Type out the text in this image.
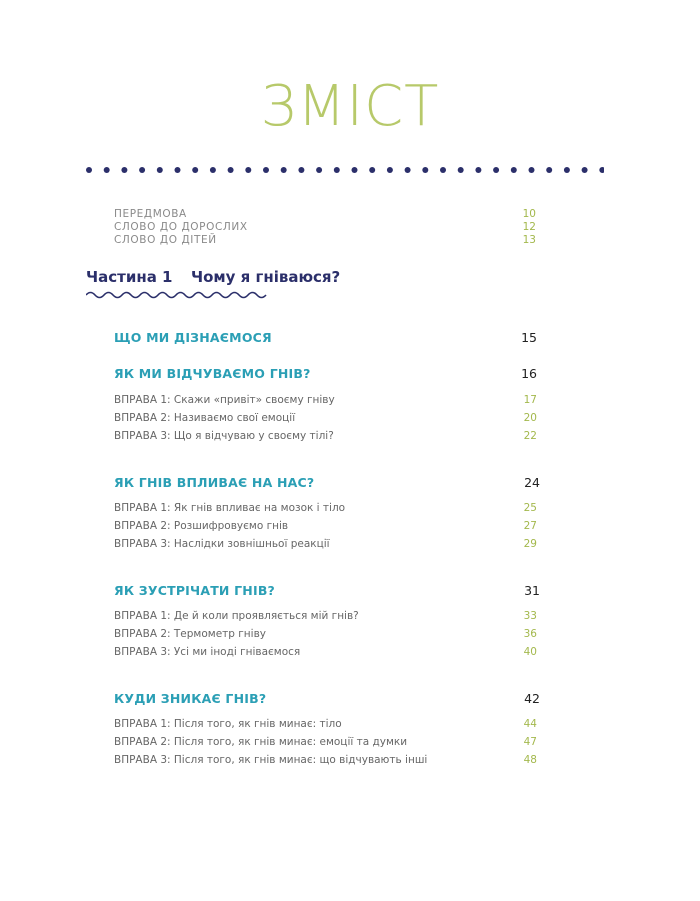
ЗМІСТ
ПЕРЕДМОВА	10
СЛОВО ДО ДОРОСЛИХ	12
СЛОВО ДО ДІТЕЙ	13
Частина 1 Чому я гніваюся?
ЩО МИ ДІЗНАЄМОСЯ	15
ЯК МИ ВІДЧУВАЄМО ГНІВ?	16
ВПРАВА 1: Скажи «привіт» своєму гніву	17
ВПРАВА 2: Називаємо свої емоції	20
ВПРАВА 3: Що я відчуваю у своєму тілі?	22
ЯК ГНІВ ВПЛИВАЄ НА НАС?	24
ВПРАВА 1: Як гнів впливає на мозок і тіло	25
ВПРАВА 2: Розшифровуємо гнів	27
ВПРАВА 3: Наслідки зовнішньої реакції	29
ЯК ЗУСТРІЧАТИ ГНІВ?	31
ВПРАВА 1: Де й коли проявляється мій гнів?	33
ВПРАВА 2: Термометр гніву	36
ВПРАВА 3: Усі ми іноді гніваємося	40
КУДИ ЗНИКАЄ ГНІВ?	42
ВПРАВА 1: Після того, як гнів минає: тіло	44
ВПРАВА 2: Після того, як гнів минає: емоції та думки	47
ВПРАВА 3: Після того, як гнів минає: що відчувають інші	48
